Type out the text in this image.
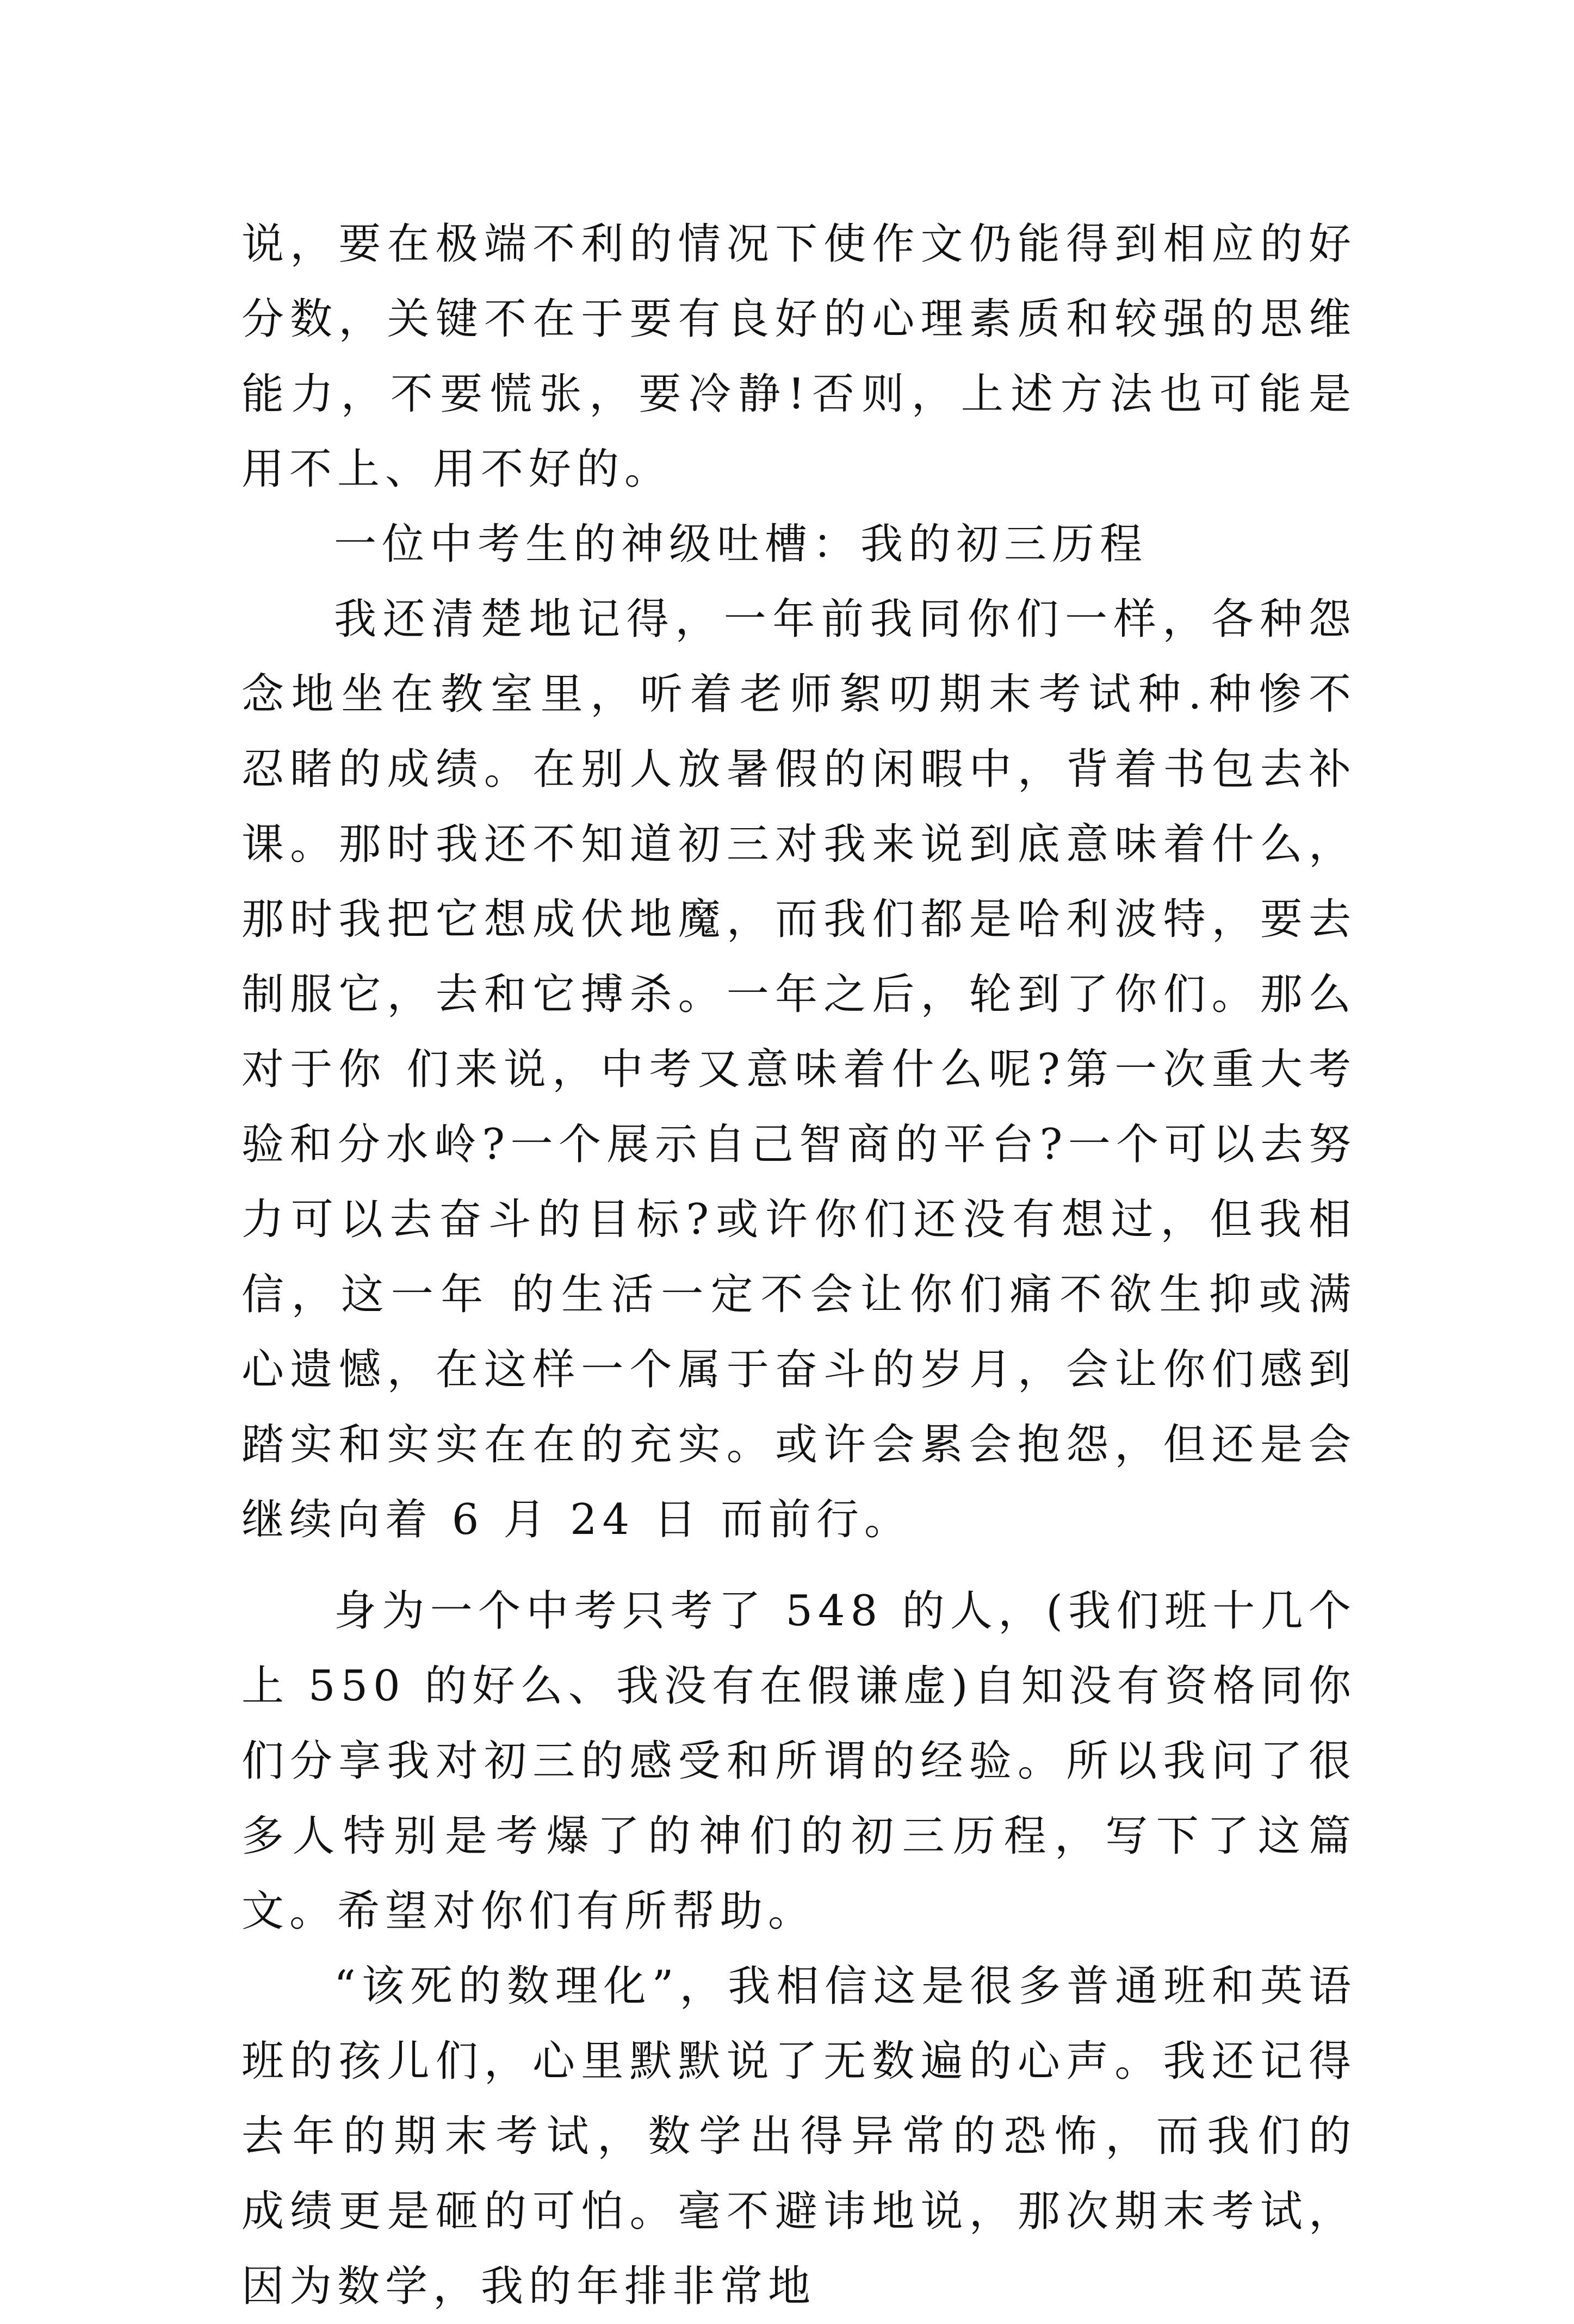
说，要在极端不利的情况下使作文仍能得到相应的好分数，关键不在于要有良好的心理素质和较强的思维能力，不要慌张，要冷静!否则，上述方法也可能是用不上、用不好的。

一位中考生的神级吐槽：我的初三历程

我还清楚地记得，一年前我同你们一样，各种怨念地坐在教室里，听着老师絮叨期末考试种.种惨不忍睹的成绩。在别人放暑假的闲暇中，背着书包去补 课。那时我还不知道初三对我来说到底意味着什么，那时我把它想成伏地魔，而我们都是哈利波特，要去制服它，去和它搏杀。一年之后，轮到了你们。那么对于你 们来说，中考又意味着什么呢?第一次重大考验和分水岭?一个展示自己智商的平台?一个可以去努力可以去奋斗的目标?或许你们还没有想过，但我相信，这一年 的生活一定不会让你们痛不欲生抑或满心遗憾，在这样一个属于奋斗的岁月，会让你们感到踏实和实实在在的充实。或许会累会抱怨，但还是会继续向着 6 月 24 日 而前行。

身为一个中考只考了 548 的人，(我们班十几个上 550 的好么、我没有在假谦虚)自知没有资格同你们分享我对初三的感受和所谓的经验。所以我问了很多人特别是考爆了的神们的初三历程，写下了这篇文。希望对你们有所帮助。

“该死的数理化”，我相信这是很多普通班和英语班的孩儿们，心里默默说了无数遍的心声。我还记得去年的期末考试，数学出得异常的恐怖，而我们的 成绩更是砸的可怕。毫不避讳地说，那次期末考试，因为数学，我的年排非常地
